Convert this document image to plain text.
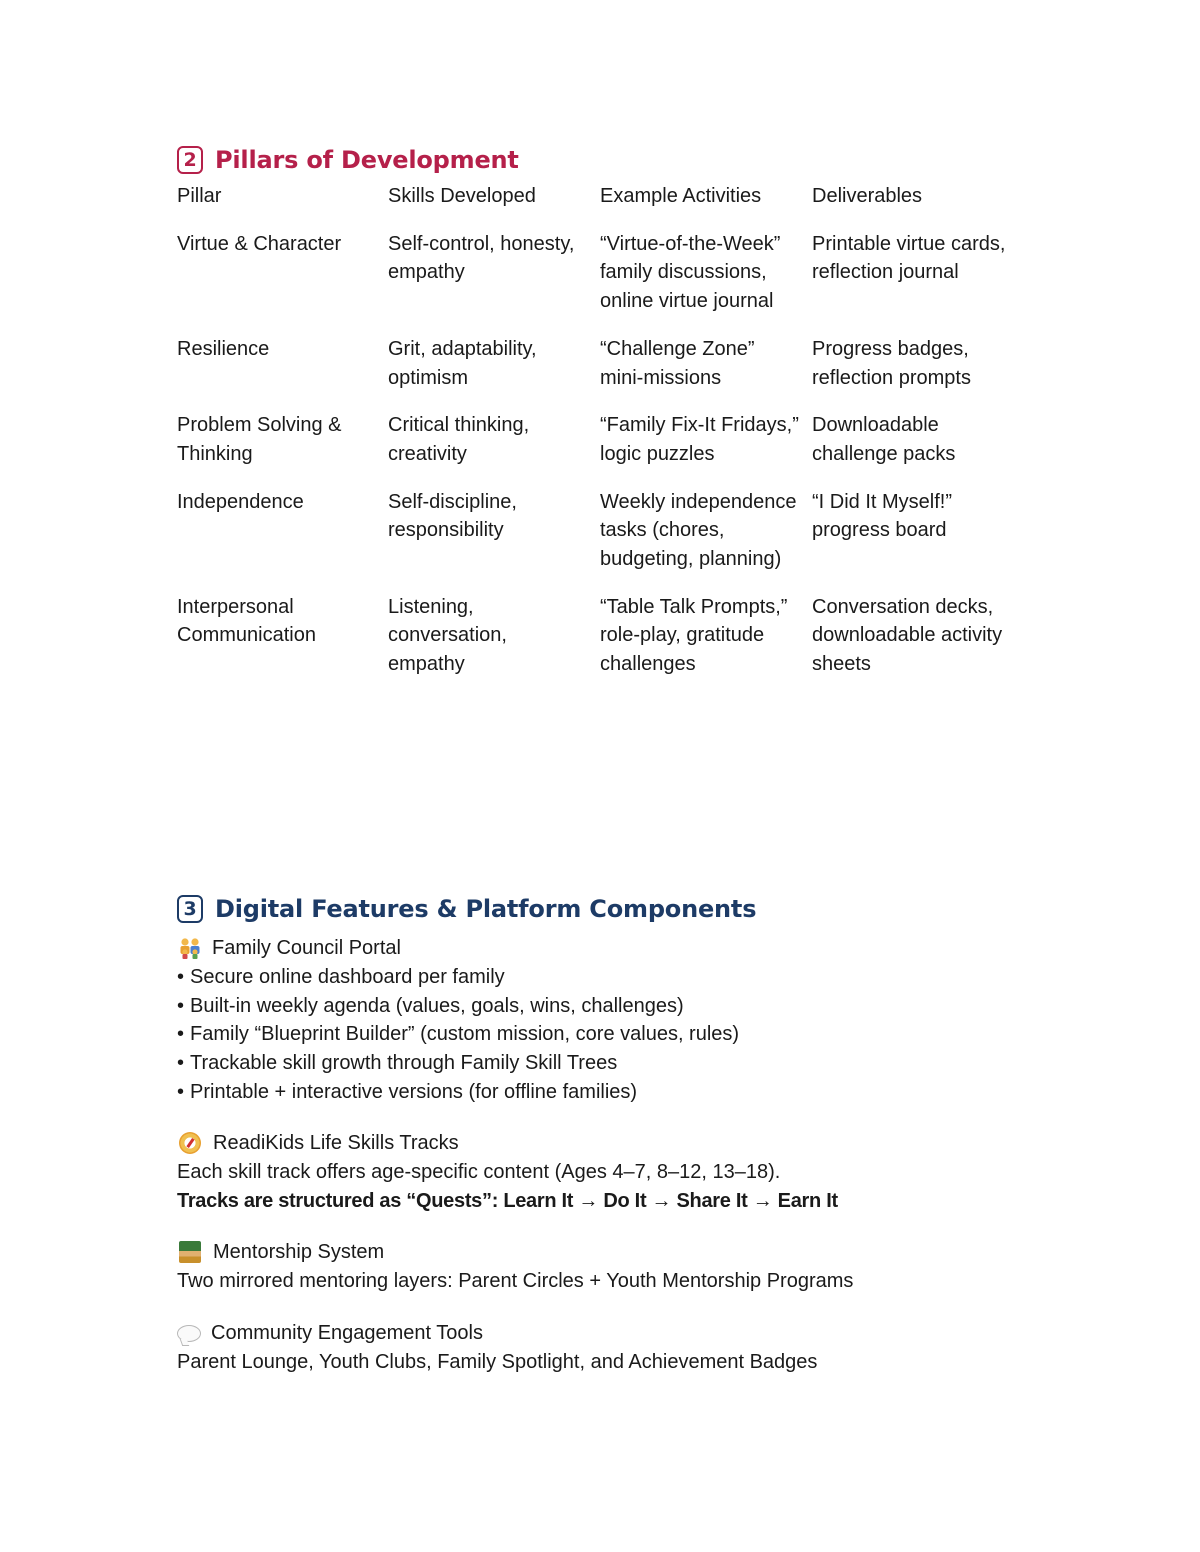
2 Pillars of Development
Pillar	Skills Developed	Example Activities	Deliverables
Virtue & Character	Self-control, honesty, empathy	“Virtue-of-the-Week” family discussions, online virtue journal	Printable virtue cards, reflection journal
Resilience	Grit, adaptability, optimism	“Challenge Zone” mini-missions	Progress badges, reflection prompts
Problem Solving & Thinking	Critical thinking, creativity	“Family Fix-It Fridays,” logic puzzles	Downloadable challenge packs
Independence	Self-discipline, responsibility	Weekly independence tasks (chores, budgeting, planning)	“I Did It Myself!” progress board
Interpersonal Communication	Listening, conversation, empathy	“Table Talk Prompts,” role-play, gratitude challenges	Conversation decks, downloadable activity sheets
3 Digital Features & Platform Components
Family Council Portal
• Secure online dashboard per family
• Built-in weekly agenda (values, goals, wins, challenges)
• Family “Blueprint Builder” (custom mission, core values, rules)
• Trackable skill growth through Family Skill Trees
• Printable + interactive versions (for offline families)
ReadiKids Life Skills Tracks
Each skill track offers age-specific content (Ages 4–7, 8–12, 13–18).
Tracks are structured as “Quests”: Learn It → Do It → Share It → Earn It
Mentorship System
Two mirrored mentoring layers: Parent Circles + Youth Mentorship Programs
Community Engagement Tools
Parent Lounge, Youth Clubs, Family Spotlight, and Achievement Badges
